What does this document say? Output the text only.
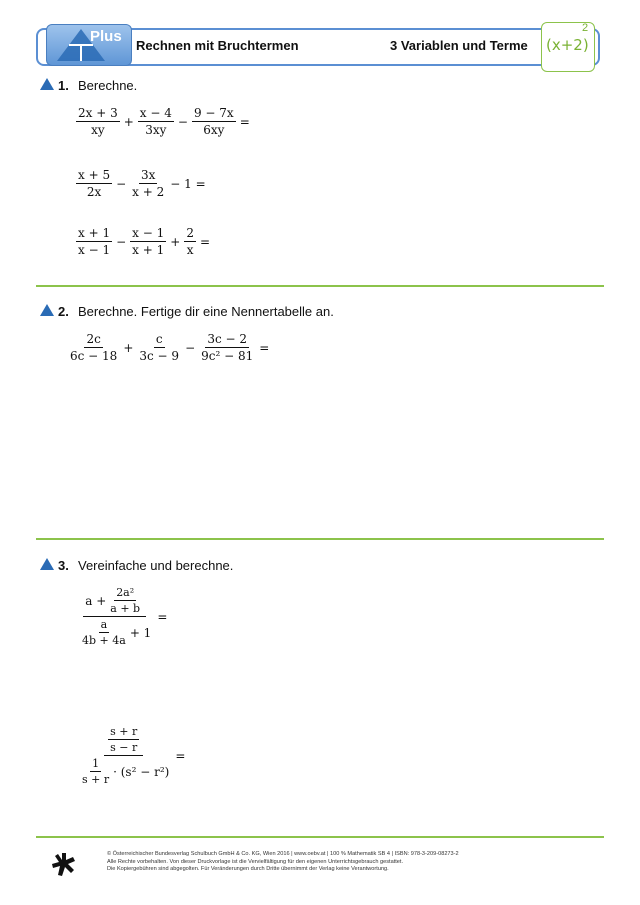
Plus
Rechnen mit Bruchtermen	3 Variablen und Terme (x+2)
2
1. Berechne.
$\frac{2x + 3}{xy} + \frac{x - 4}{3xy} - \frac{9 - 7x}{6xy}$ =
$\frac{x + 5}{2x} - \frac{3x}{x + 2} - 1$ =
$\frac{x + 1}{x - 1} - \frac{x - 1}{x + 1} + \frac{2}{x}$ =
2. Berechne. Fertige dir eine Nennertabelle an.
$\frac{2c}{6c - 18} + \frac{c}{3c - 9} - \frac{3c - 2}{\text{9c² − 81}}$ =
3. Vereinfache und berechne.
$\frac{a + \frac{\text{2a²}}{a + b}}{\frac{a}{4b + 4a} + 1}$ =
$\frac{\frac{s + r}{s - r}}{\frac{1}{s + r} \cdot (s^2 - r^2)}$ =
© Österreichischer Bundesverlag Schulbuch GmbH & Co. KG, Wien 2016 | www.oebv.at | 100 % Mathematik SB 4 | ISBN: 978-3-209-08273-2
Alle Rechte vorbehalten. Von dieser Druckvorlage ist die Vervielfältigung für den eigenen Unterrichtsgebrauch gestattet.
Die Kopiergebühren sind abgegolten. Für Veränderungen durch Dritte übernimmt der Verlag keine Verantwortung.
